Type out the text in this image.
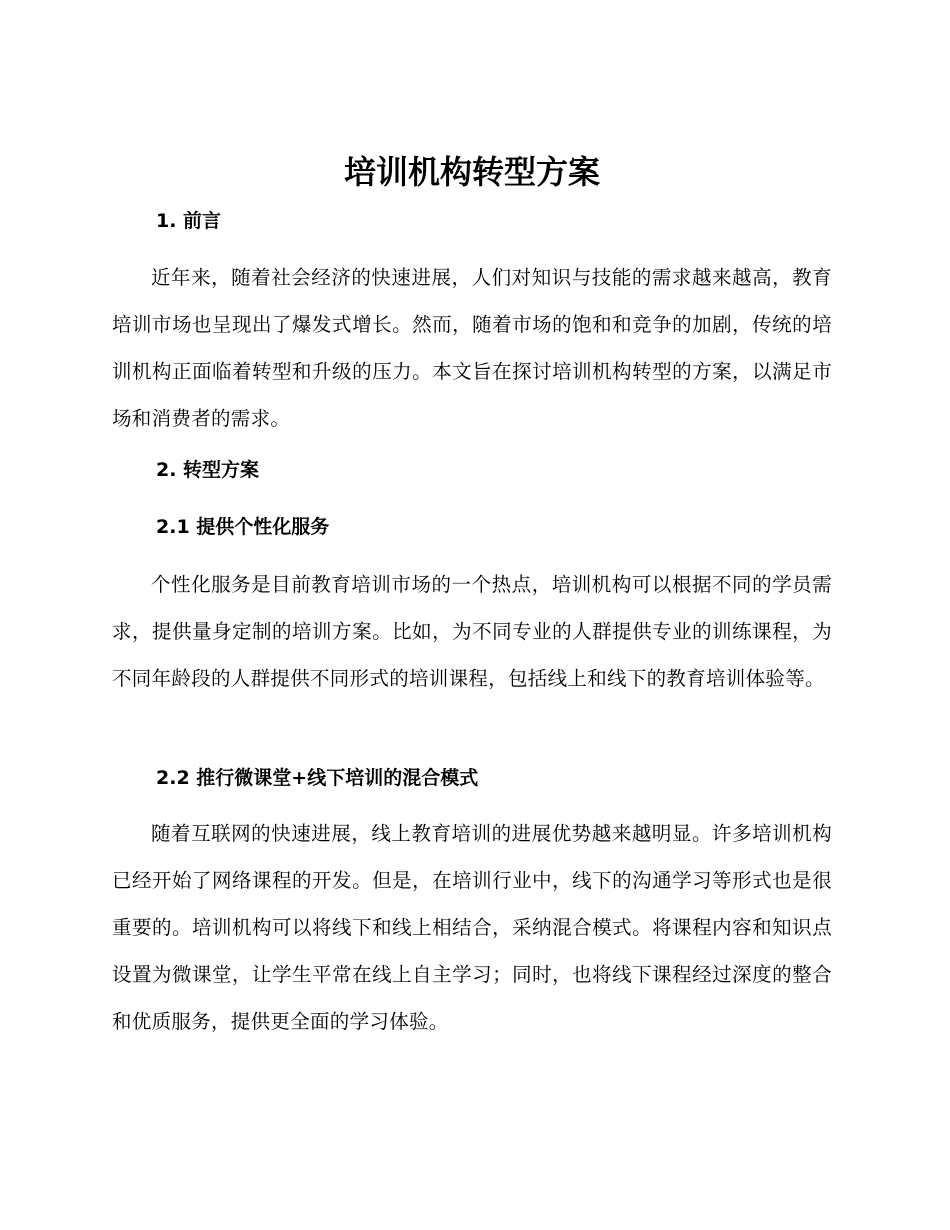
培训机构转型方案
1. 前言

近年来，随着社会经济的快速进展，人们对知识与技能的需求越来越高，教育培训市场也呈现出了爆发式增长。然而，随着市场的饱和和竞争的加剧，传统的培训机构正面临着转型和升级的压力。本文旨在探讨培训机构转型的方案，以满足市场和消费者的需求。

2. 转型方案
2.1 提供个性化服务

个性化服务是目前教育培训市场的一个热点，培训机构可以根据不同的学员需求，提供量身定制的培训方案。比如，为不同专业的人群提供专业的训练课程，为不同年龄段的人群提供不同形式的培训课程，包括线上和线下的教育培训体验等。

2.2 推行微课堂+线下培训的混合模式

随着互联网的快速进展，线上教育培训的进展优势越来越明显。许多培训机构已经开始了网络课程的开发。但是，在培训行业中，线下的沟通学习等形式也是很重要的。培训机构可以将线下和线上相结合，采纳混合模式。将课程内容和知识点设置为微课堂，让学生平常在线上自主学习；同时，也将线下课程经过深度的整合和优质服务，提供更全面的学习体验。
